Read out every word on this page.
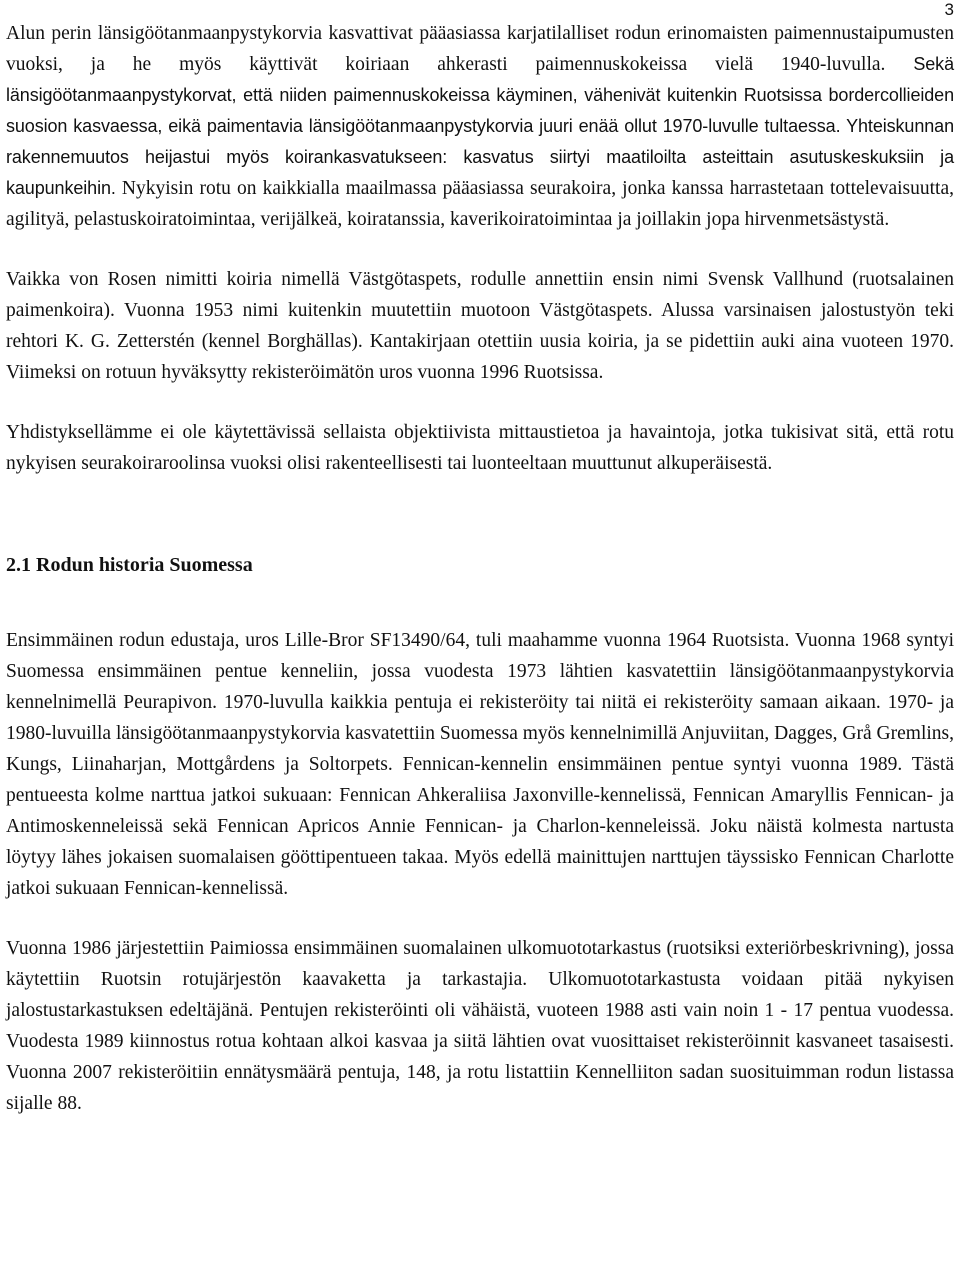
3

Alun perin länsigöötanmaanpystykorvia kasvattivat pääasiassa karjatilalliset rodun erinomaisten paimennustaipumusten vuoksi, ja he myös käyttivät koiriaan ahkerasti paimennuskokeissa vielä 1940-luvulla. Sekä länsigöötanmaanpystykorvat, että niiden paimennuskokeissa käyminen, vähenivät kuitenkin Ruotsissa bordercollieiden suosion kasvaessa, eikä paimentavia länsigöötanmaanpystykorvia juuri enää ollut 1970-luvulle tultaessa. Yhteiskunnan rakennemuutos heijastui myös koirankasvatukseen: kasvatus siirtyi maatiloilta asteittain asutuskeskuksiin ja kaupunkeihin. Nykyisin rotu on kaikkialla maailmassa pääasiassa seurakoira, jonka kanssa harrastetaan tottelevaisuutta, agilityä, pelastuskoiratoimintaa, verijälkeä, koiratanssia, kaverikoiratoimintaa ja joillakin jopa hirvenmetsästystä.

Vaikka von Rosen nimitti koiria nimellä Västgötaspets, rodulle annettiin ensin nimi Svensk Vallhund (ruotsalainen paimenkoira). Vuonna 1953 nimi kuitenkin muutettiin muotoon Västgötaspets. Alussa varsinaisen jalostustyön teki rehtori K. G. Zetterstén (kennel Borghällas). Kantakirjaan otettiin uusia koiria, ja se pidettiin auki aina vuoteen 1970. Viimeksi on rotuun hyväksytty rekisteröimätön uros vuonna 1996 Ruotsissa.

Yhdistyksellämme ei ole käytettävissä sellaista objektiivista mittaustietoa ja havaintoja, jotka tukisivat sitä, että rotu nykyisen seurakoiraroolinsa vuoksi olisi rakenteellisesti tai luonteeltaan muuttunut alkuperäisestä.

2.1 Rodun historia Suomessa

Ensimmäinen rodun edustaja, uros Lille-Bror SF13490/64, tuli maahamme vuonna 1964 Ruotsista. Vuonna 1968 syntyi Suomessa ensimmäinen pentue kenneliin, jossa vuodesta 1973 lähtien kasvatettiin länsigöötanmaanpystykorvia kennelnimellä Peurapivon. 1970-luvulla kaikkia pentuja ei rekisteröity tai niitä ei rekisteröity samaan aikaan. 1970- ja 1980-luvuilla länsigöötanmaanpystykorvia kasvatettiin Suomessa myös kennelnimillä Anjuviitan, Dagges, Grå Gremlins, Kungs, Liinaharjan, Mottgårdens ja Soltorpets. Fennican-kennelin ensimmäinen pentue syntyi vuonna 1989. Tästä pentueesta kolme narttua jatkoi sukuaan: Fennican Ahkeraliisa Jaxonville-kennelissä, Fennican Amaryllis Fennican- ja Antimoskenneleissä sekä Fennican Apricos Annie Fennican- ja Charlon-kenneleissä. Joku näistä kolmesta nartusta löytyy lähes jokaisen suomalaisen gööttipentueen takaa. Myös edellä mainittujen narttujen täyssisko Fennican Charlotte jatkoi sukuaan Fennican-kennelissä.

Vuonna 1986 järjestettiin Paimiossa ensimmäinen suomalainen ulkomuototarkastus (ruotsiksi exteriörbeskrivning), jossa käytettiin Ruotsin rotujärjestön kaavaketta ja tarkastajia. Ulkomuototarkastusta voidaan pitää nykyisen jalostustarkastuksen edeltäjänä. Pentujen rekisteröinti oli vähäistä, vuoteen 1988 asti vain noin 1 - 17 pentua vuodessa. Vuodesta 1989 kiinnostus rotua kohtaan alkoi kasvaa ja siitä lähtien ovat vuosittaiset rekisteröinnit kasvaneet tasaisesti. Vuonna 2007 rekisteröitiin ennätysmäärä pentuja, 148, ja rotu listattiin Kennelliiton sadan suosituimman rodun listassa sijalle 88.
